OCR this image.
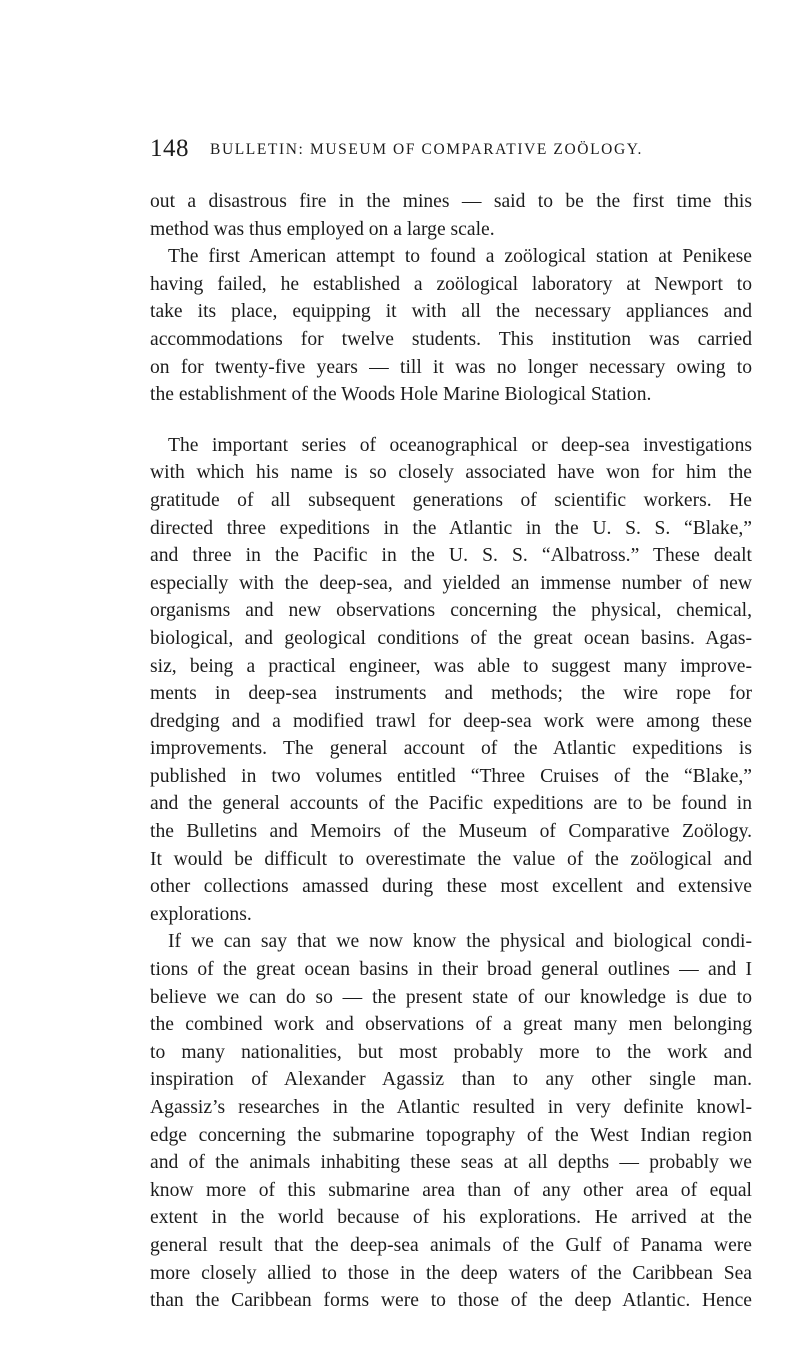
148 BULLETIN: MUSEUM OF COMPARATIVE ZOÖLOGY.
out a disastrous fire in the mines — said to be the first time this
method was thus employed on a large scale.
The first American attempt to found a zoölogical station at Penikese
having failed, he established a zoölogical laboratory at Newport to
take its place, equipping it with all the necessary appliances and
accommodations for twelve students. This institution was carried
on for twenty-five years — till it was no longer necessary owing to
the establishment of the Woods Hole Marine Biological Station.
The important series of oceanographical or deep-sea investigations
with which his name is so closely associated have won for him the
gratitude of all subsequent generations of scientific workers. He
directed three expeditions in the Atlantic in the U. S. S. “Blake,”
and three in the Pacific in the U. S. S. “Albatross.” These dealt
especially with the deep-sea, and yielded an immense number of new
organisms and new observations concerning the physical, chemical,
biological, and geological conditions of the great ocean basins. Agas-
siz, being a practical engineer, was able to suggest many improve-
ments in deep-sea instruments and methods; the wire rope for
dredging and a modified trawl for deep-sea work were among these
improvements. The general account of the Atlantic expeditions is
published in two volumes entitled “Three Cruises of the “Blake,”
and the general accounts of the Pacific expeditions are to be found in
the Bulletins and Memoirs of the Museum of Comparative Zoölogy.
It would be difficult to overestimate the value of the zoölogical and
other collections amassed during these most excellent and extensive
explorations.
If we can say that we now know the physical and biological condi-
tions of the great ocean basins in their broad general outlines — and I
believe we can do so — the present state of our knowledge is due to
the combined work and observations of a great many men belonging
to many nationalities, but most probably more to the work and
inspiration of Alexander Agassiz than to any other single man.
Agassiz’s researches in the Atlantic resulted in very definite knowl-
edge concerning the submarine topography of the West Indian region
and of the animals inhabiting these seas at all depths — probably we
know more of this submarine area than of any other area of equal
extent in the world because of his explorations. He arrived at the
general result that the deep-sea animals of the Gulf of Panama were
more closely allied to those in the deep waters of the Caribbean Sea
than the Caribbean forms were to those of the deep Atlantic. Hence
